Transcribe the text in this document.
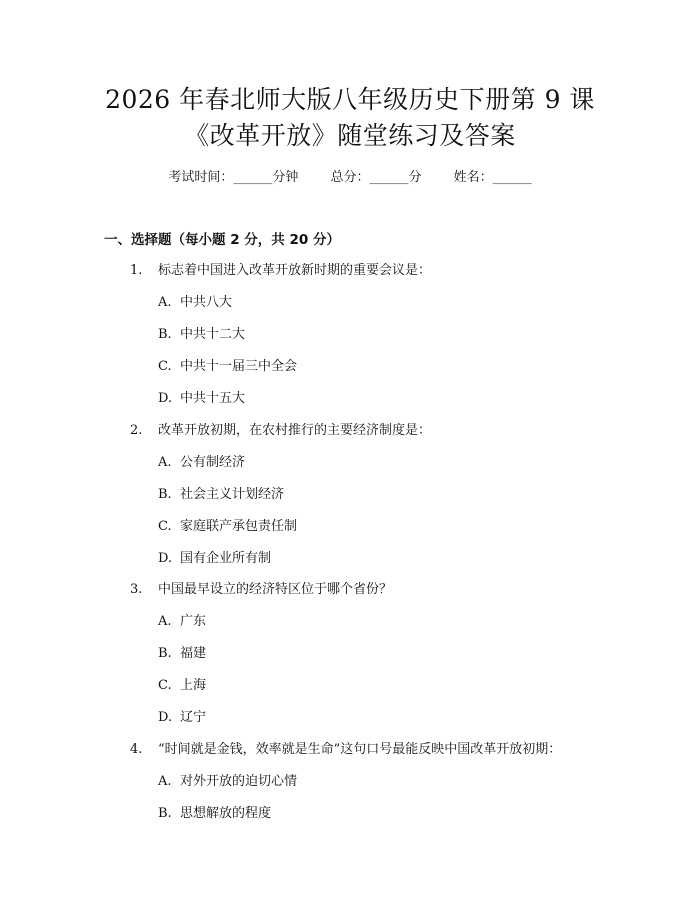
2026 年春北师大版八年级历史下册第 9 课
《改革开放》随堂练习及答案
考试时间：______分钟 总分：______分 姓名：______
一、选择题（每小题 2 分，共 20 分）
1. 标志着中国进入改革开放新时期的重要会议是：
A. 中共八大
B. 中共十二大
C. 中共十一届三中全会
D. 中共十五大
2. 改革开放初期，在农村推行的主要经济制度是：
A. 公有制经济
B. 社会主义计划经济
C. 家庭联产承包责任制
D. 国有企业所有制
3. 中国最早设立的经济特区位于哪个省份？
A. 广东
B. 福建
C. 上海
D. 辽宁
4. “时间就是金钱，效率就是生命”这句口号最能反映中国改革开放初期：
A. 对外开放的迫切心情
B. 思想解放的程度
